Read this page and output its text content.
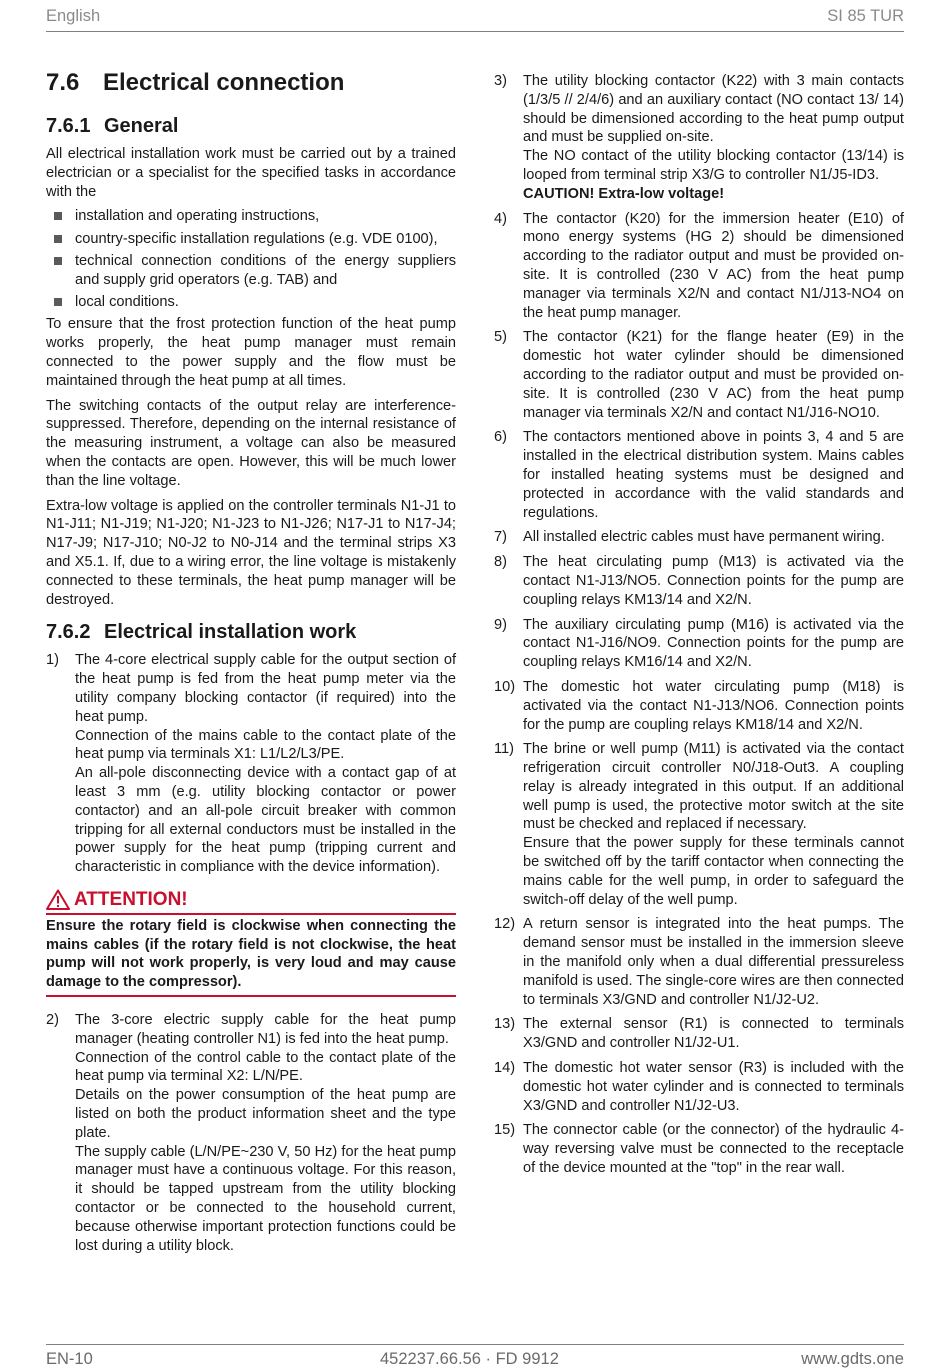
English	SI 85 TUR
7.6 Electrical connection
7.6.1 General

All electrical installation work must be carried out by a trained electrician or a specialist for the specified tasks in accordance with the

installation and operating instructions,
country-specific installation regulations (e.g. VDE 0100),
technical connection conditions of the energy suppliers and supply grid operators (e.g. TAB) and
local conditions.

To ensure that the frost protection function of the heat pump works properly, the heat pump manager must remain connected to the power supply and the flow must be maintained through the heat pump at all times.

The switching contacts of the output relay are interference-suppressed. Therefore, depending on the internal resistance of the measuring instrument, a voltage can also be measured when the contacts are open. However, this will be much lower than the line voltage.

Extra-low voltage is applied on the controller terminals N1-J1 to N1-J11; N1-J19; N1-J20; N1-J23 to N1-J26; N17-J1 to N17-J4; N17-J9; N17-J10; N0-J2 to N0-J14 and the terminal strips X3 and X5.1. If, due to a wiring error, the line voltage is mistakenly connected to these terminals, the heat pump manager will be destroyed.

7.6.2 Electrical installation work
1) The 4-core electrical supply cable for the output section of the heat pump is fed from the heat pump meter via the utility company blocking contactor (if required) into the heat pump.
Connection of the mains cable to the contact plate of the heat pump via terminals X1: L1/L2/L3/PE.
An all-pole disconnecting device with a contact gap of at least 3 mm (e.g. utility blocking contactor or power contactor) and an all-pole circuit breaker with common tripping for all external conductors must be installed in the power supply for the heat pump (tripping current and characteristic in compliance with the device information).
ATTENTION!
Ensure the rotary field is clockwise when connecting the mains cables (if the rotary field is not clockwise, the heat pump will not work properly, is very loud and may cause damage to the compressor).
2) The 3-core electric supply cable for the heat pump manager (heating controller N1) is fed into the heat pump.
Connection of the control cable to the contact plate of the heat pump via terminal X2: L/N/PE.
Details on the power consumption of the heat pump are listed on both the product information sheet and the type plate.
The supply cable (L/N/PE~230 V, 50 Hz) for the heat pump manager must have a continuous voltage. For this reason, it should be tapped upstream from the utility blocking contactor or be connected to the household current, because otherwise important protection functions could be lost during a utility block.
3) The utility blocking contactor (K22) with 3 main contacts (1/3/5 // 2/4/6) and an auxiliary contact (NO contact 13/ 14) should be dimensioned according to the heat pump output and must be supplied on-site.
The NO contact of the utility blocking contactor (13/14) is looped from terminal strip X3/G to controller N1/J5-ID3.
CAUTION! Extra-low voltage!
4) The contactor (K20) for the immersion heater (E10) of mono energy systems (HG 2) should be dimensioned according to the radiator output and must be provided on-site. It is controlled (230 V AC) from the heat pump manager via terminals X2/N and contact N1/J13-NO4 on the heat pump manager.
5) The contactor (K21) for the flange heater (E9) in the domestic hot water cylinder should be dimensioned according to the radiator output and must be provided on-site. It is controlled (230 V AC) from the heat pump manager via terminals X2/N and contact N1/J16-NO10.
6) The contactors mentioned above in points 3, 4 and 5 are installed in the electrical distribution system. Mains cables for installed heating systems must be designed and protected in accordance with the valid standards and regulations.
7) All installed electric cables must have permanent wiring.
8) The heat circulating pump (M13) is activated via the contact N1-J13/NO5. Connection points for the pump are coupling relays KM13/14 and X2/N.
9) The auxiliary circulating pump (M16) is activated via the contact N1-J16/NO9. Connection points for the pump are coupling relays KM16/14 and X2/N.
10) The domestic hot water circulating pump (M18) is activated via the contact N1-J13/NO6. Connection points for the pump are coupling relays KM18/14 and X2/N.
11) The brine or well pump (M11) is activated via the contact refrigeration circuit controller N0/J18-Out3. A coupling relay is already integrated in this output. If an additional well pump is used, the protective motor switch at the site must be checked and replaced if necessary.
Ensure that the power supply for these terminals cannot be switched off by the tariff contactor when connecting the mains cable for the well pump, in order to safeguard the switch-off delay of the well pump.
12) A return sensor is integrated into the heat pumps. The demand sensor must be installed in the immersion sleeve in the manifold only when a dual differential pressureless manifold is used. The single-core wires are then connected to terminals X3/GND and controller N1/J2-U2.
13) The external sensor (R1) is connected to terminals X3/GND and controller N1/J2-U1.
14) The domestic hot water sensor (R3) is included with the domestic hot water cylinder and is connected to terminals X3/GND and controller N1/J2-U3.
15) The connector cable (or the connector) of the hydraulic 4-way reversing valve must be connected to the receptacle of the device mounted at the "top" in the rear wall.
EN-10	452237.66.56 · FD 9912	www.gdts.one
